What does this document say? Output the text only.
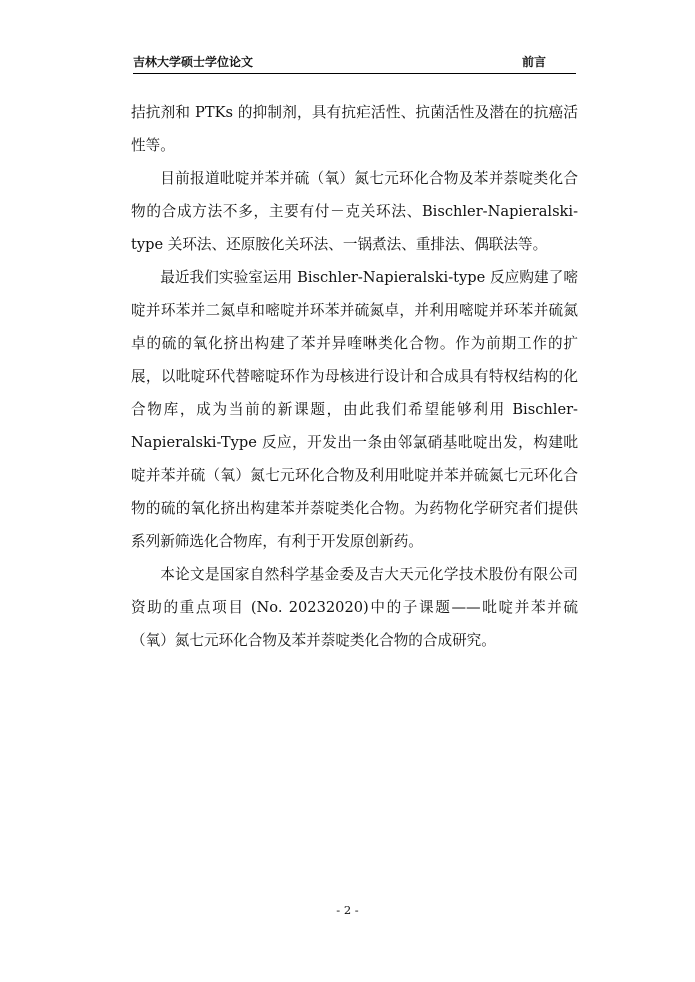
吉林大学硕士学位论文	前言

拮抗剂和 PTKs 的抑制剂，具有抗疟活性、抗菌活性及潜在的抗癌活性等。

目前报道吡啶并苯并硫（氧）氮七元环化合物及苯并萘啶类化合物的合成方法不多，主要有付－克关环法、Bischler-Napieralski-type 关环法、还原胺化关环法、一锅煮法、重排法、偶联法等。

最近我们实验室运用 Bischler-Napieralski-type 反应购建了嘧啶并环苯并二氮卓和嘧啶并环苯并硫氮卓，并利用嘧啶并环苯并硫氮卓的硫的氧化挤出构建了苯并异喹啉类化合物。作为前期工作的扩展，以吡啶环代替嘧啶环作为母核进行设计和合成具有特权结构的化合物库，成为当前的新课题，由此我们希望能够利用 Bischler-Napieralski-Type 反应，开发出一条由邻氯硝基吡啶出发，构建吡啶并苯并硫（氧）氮七元环化合物及利用吡啶并苯并硫氮七元环化合物的硫的氧化挤出构建苯并萘啶类化合物。为药物化学研究者们提供系列新筛选化合物库，有利于开发原创新药。

本论文是国家自然科学基金委及吉大天元化学技术股份有限公司资助的重点项目 (No. 20232020)中的子课题——吡啶并苯并硫（氧）氮七元环化合物及苯并萘啶类化合物的合成研究。

- 2 -
